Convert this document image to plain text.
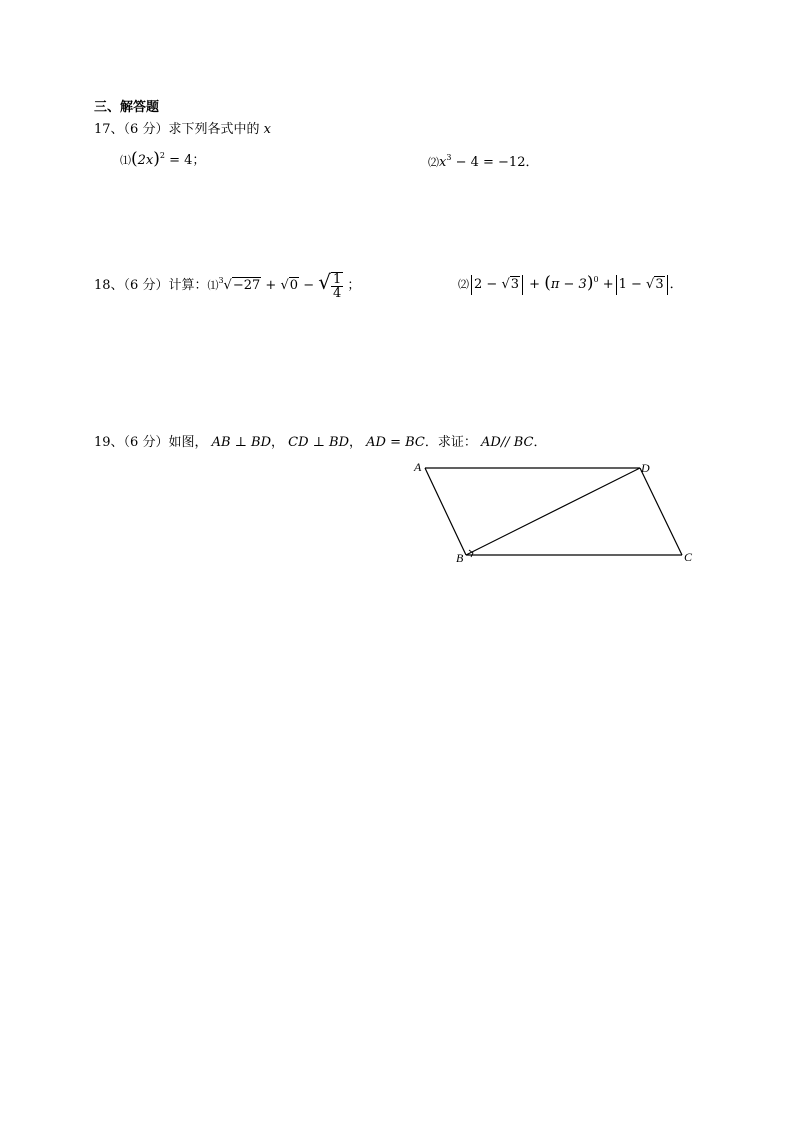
三、解答题
17、（6 分）求下列各式中的 x
$⑴(2x)^2 = 4$；	$⑵x^3 - 4 = -12$．
18、（6 分）计算：⑴$^3$√−27 + √0 − √ $\frac{1}{4}$ ；	⑵ $2 - √3 + (\pi - 3)^0 + 1 - √3$ ．
19、（6 分）如图， AB ⊥ BD， CD ⊥ BD， AD = BC．求证： AD// BC．
A	D
B	C
